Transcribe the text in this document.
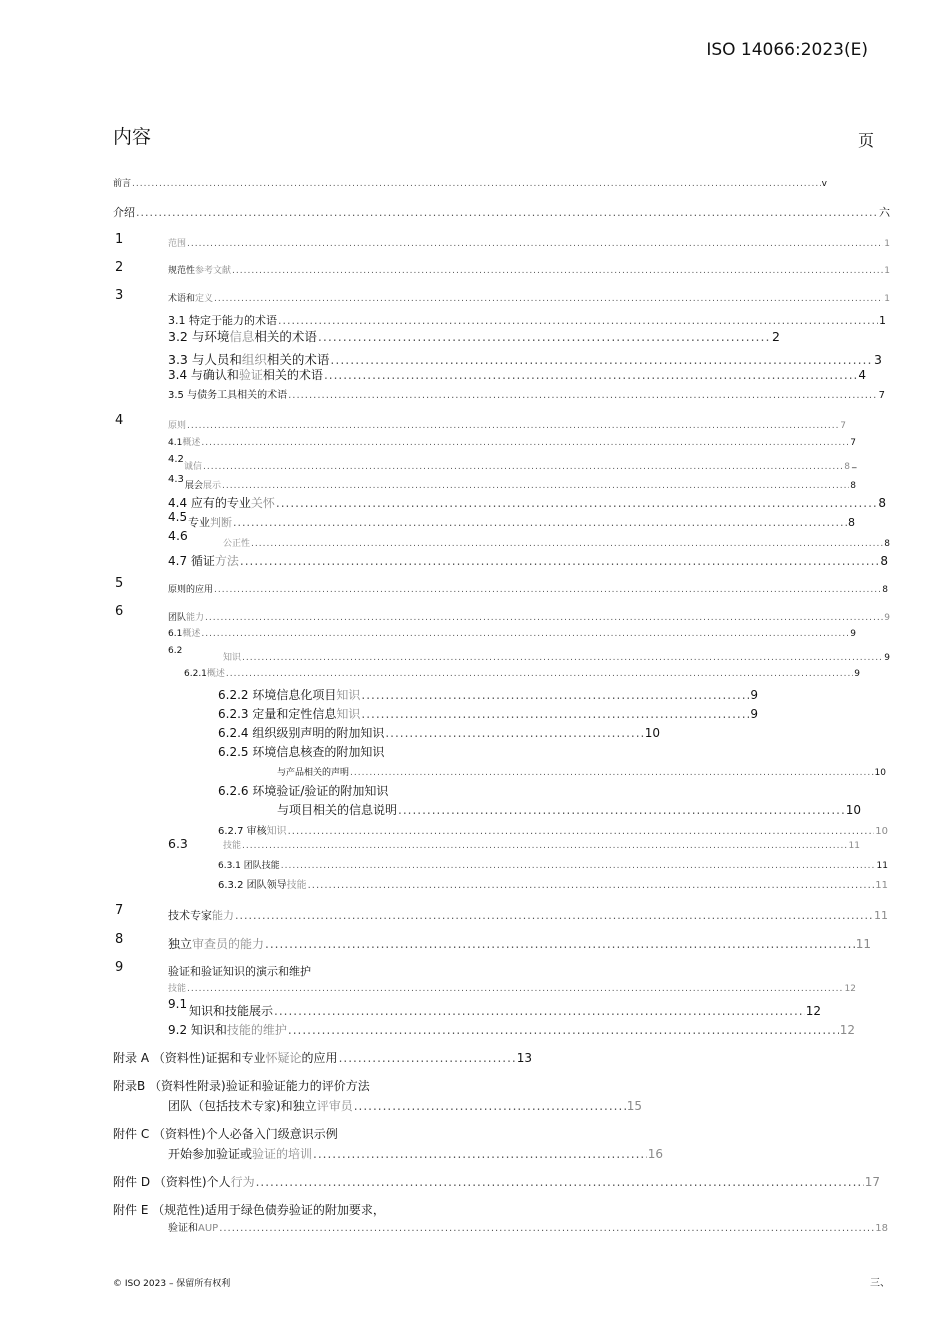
ISO 14066:2023(E)
内容	页
前言 .....	v
介绍 .....	六
1	范围 .....	1
2	规范性参考文献 .....	1
3	术语和定义 .....	1
3.1 特定于能力的术语 .....	1
3.2 与环境信息相关的术语 .....	2
3.3 与人员和组织相关的术语 .....	3
3.4 与确认和验证相关的术语 .....	4
3.5 与债务工具相关的术语 .....	7
4	原则 .....	7
4.1概述 .....	7
4.2
诚信 .....	8 _
4.3
展会展示 .....	8
4.4 应有的专业关怀 .....	8
4.5 专业判断 .....	8
4.6
公正性 .....	8
4.7 循证方法 .....	8
5	原则的应用 .....	8
6	团队能力 .....	9
6.1概述 .....	9
6.2
知识 .....	9
6.2.1概述 .....	9
6.2.2 环境信息化项目知识 .....	9
6.2.3 定量和定性信息知识 .....	9
6.2.4 组织级别声明的附加知识 .....	10
6.2.5 环境信息核查的附加知识
与产品相关的声明 .....	10
6.2.6 环境验证/验证的附加知识
与项目相关的信息说明 .....	10
6.2.7 审核知识 .....	10
6.3	技能 .....	11
6.3.1 团队技能 .....	11
6.3.2 团队领导技能 .....	11
7	技术专家能力 .....	11
8	独立审查员的能力 .....	11
9	验证和验证知识的演示和维护
技能 .....	12
9.1 知识和技能展示 .....	12
9.2 知识和技能的维护 .....	12
附录 A （资料性)证据和专业怀疑论的应用 .....	13
附录B （资料性附录)验证和验证能力的评价方法
团队（包括技术专家)和独立评审员 .....	15
附件 C （资料性)个人必备入门级意识示例
开始参加验证或验证的培训 .....	16
附件 D （资料性)个人行为 .....	17
附件 E （规范性)适用于绿色债券验证的附加要求，
验证和AUP .....	18
© ISO 2023 – 保留所有权利	三、
